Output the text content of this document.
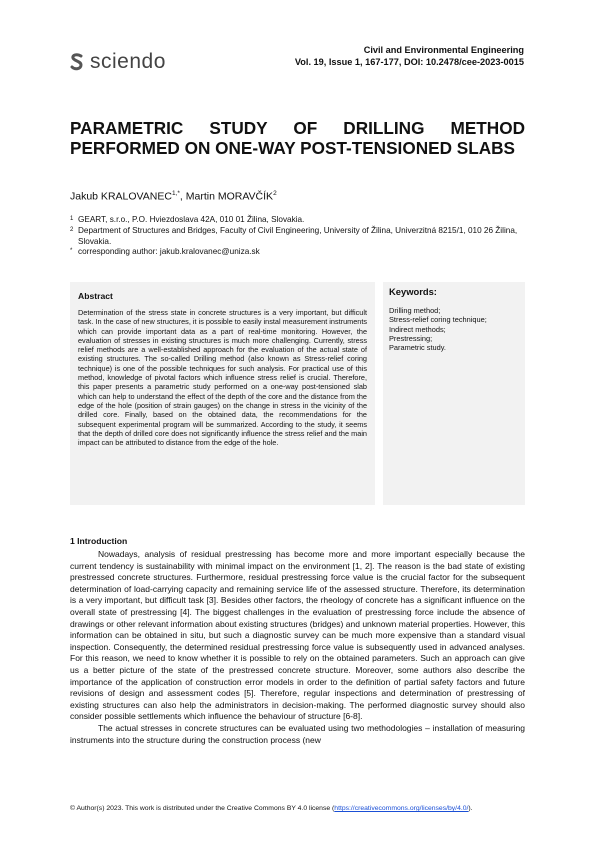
sciendo	Civil and Environmental Engineering
Vol. 19, Issue 1, 167-177, DOI: 10.2478/cee-2023-0015
PARAMETRIC STUDY OF DRILLING METHOD PERFORMED ON ONE-WAY POST-TENSIONED SLABS
Jakub $KRALOVANEC^{1,*}$, Martin MORAVČÍK$^2$
1 GEART, s.r.o., P.O. Hviezdoslava 42A, 010 01 Žilina, Slovakia.
2 Department of Structures and Bridges, Faculty of Civil Engineering, University of Žilina, Univerzitná 8215/1, 010 26 Žilina, Slovakia.
* corresponding author: jakub.kralovanec@uniza.sk
Abstract
Determination of the stress state in concrete structures is a very important, but difficult task. In the case of new structures, it is possible to easily instal measurement instruments which can provide important data as a part of real-time monitoring. However, the evaluation of stresses in existing structures is much more challenging. Currently, stress relief methods are a well-established approach for the evaluation of the actual state of existing structures. The so-called Drilling method (also known as Stress-relief coring technique) is one of the possible techniques for such analysis. For practical use of this method, knowledge of pivotal factors which influence stress relief is crucial. Therefore, this paper presents a parametric study performed on a one-way post-tensioned slab which can help to understand the effect of the depth of the core and the distance from the edge of the hole (position of strain gauges) on the change in stress in the vicinity of the drilled core. Finally, based on the obtained data, the recommendations for the subsequent experimental program will be summarized. According to the study, it seems that the depth of drilled core does not significantly influence the stress relief and the main impact can be attributed to distance from the edge of the hole.
Keywords:
Drilling method;
Stress-relief coring technique;
Indirect methods;
Prestressing;
Parametric study.
1 Introduction

Nowadays, analysis of residual prestressing has become more and more important especially because the current tendency is sustainability with minimal impact on the environment [1, 2]. The reason is the bad state of existing prestressed concrete structures. Furthermore, residual prestressing force value is the crucial factor for the subsequent determination of load-carrying capacity and remaining service life of the assessed structure. Therefore, its determination is a very important, but difficult task [3]. Besides other factors, the rheology of concrete has a significant influence on the overall state of prestressing [4]. The biggest challenges in the evaluation of prestressing force include the absence of drawings or other relevant information about existing structures (bridges) and unknown material properties. However, this information can be obtained in situ, but such a diagnostic survey can be much more expensive than a standard visual inspection. Consequently, the determined residual prestressing force value is subsequently used in advanced analyses. For this reason, we need to know whether it is possible to rely on the obtained parameters. Such an approach can give us a better picture of the state of the prestressed concrete structure. Moreover, some authors also describe the importance of the application of construction error models in order to the definition of partial safety factors and future revisions of design and assessment codes [5]. Therefore, regular inspections and determination of prestressing of existing structures can also help the administrators in decision-making. The performed diagnostic survey should also consider possible settlements which influence the behaviour of structure [6-8].

The actual stresses in concrete structures can be evaluated using two methodologies – installation of measuring instruments into the structure during the construction process (new

© Author(s) 2023. This work is distributed under the Creative Commons BY 4.0 license (https://creativecommons.org/licenses/by/4.0/).
